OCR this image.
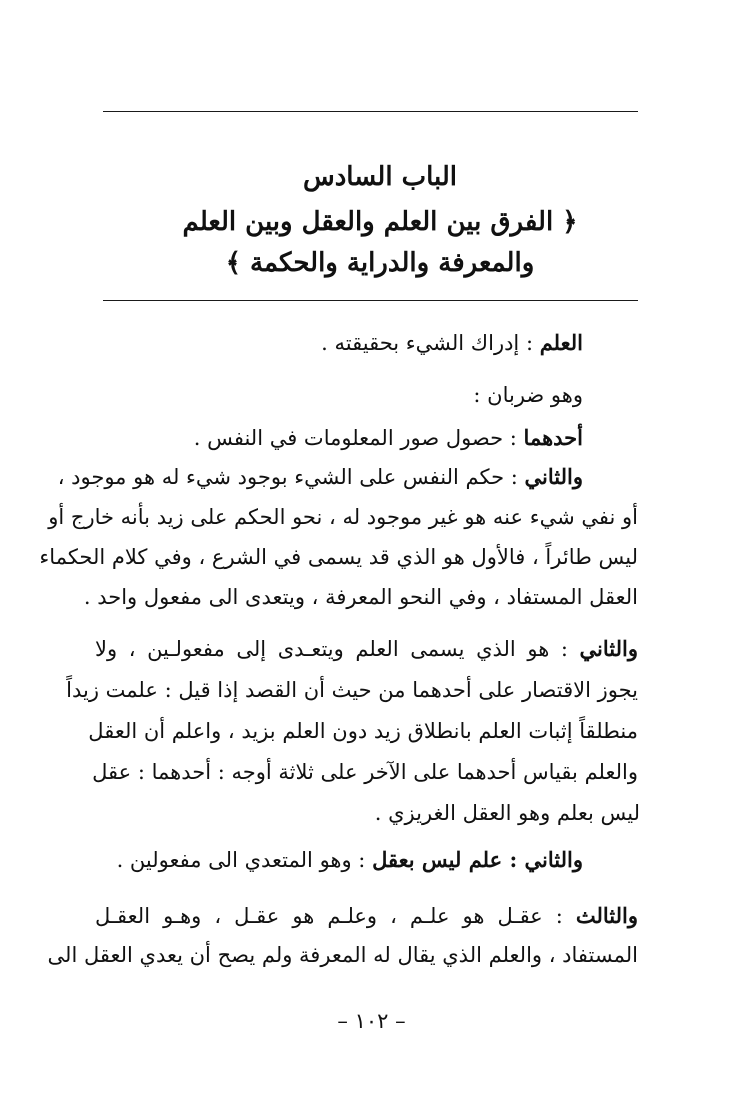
الباب السادس
﴿ الفرق بين العلم والعقل وبين العلم
والمعرفة والدراية والحكمة ﴾
العلم : إدراك الشيء بحقيقته .
وهو ضربان :
أحدهما : حصول صور المعلومات في النفس .
والثاني : حكم النفس على الشيء بوجود شيء له هو موجود ،
أو نفي شيء عنه هو غير موجود له ، نحو الحكم على زيد بأنه خارج أو
ليس طائراً ، فالأول هو الذي قد يسمى في الشرع ، وفي كلام الحكماء
العقل المستفاد ، وفي النحو المعرفة ، ويتعدى الى مفعول واحد .
والثاني : هو الذي يسمى العلم ويتعـدى إلى مفعولـين ، ولا
يجوز الاقتصار على أحدهما من حيث أن القصد إذا قيل : علمت زيداً
منطلقاً إثبات العلم بانطلاق زيد دون العلم بزيد ، واعلم أن العقل
والعلم بقياس أحدهما على الآخر على ثلاثة أوجه : أحدهما : عقل
ليس بعلم وهو العقل الغريزي .
والثاني : علم ليس بعقل : وهو المتعدي الى مفعولين .
والثالث : عقـل هو علـم ، وعلـم هو عقـل ، وهـو العقـل
المستفاد ، والعلم الذي يقال له المعرفة ولم يصح أن يعدي العقل الى
– ١٠٢ –
